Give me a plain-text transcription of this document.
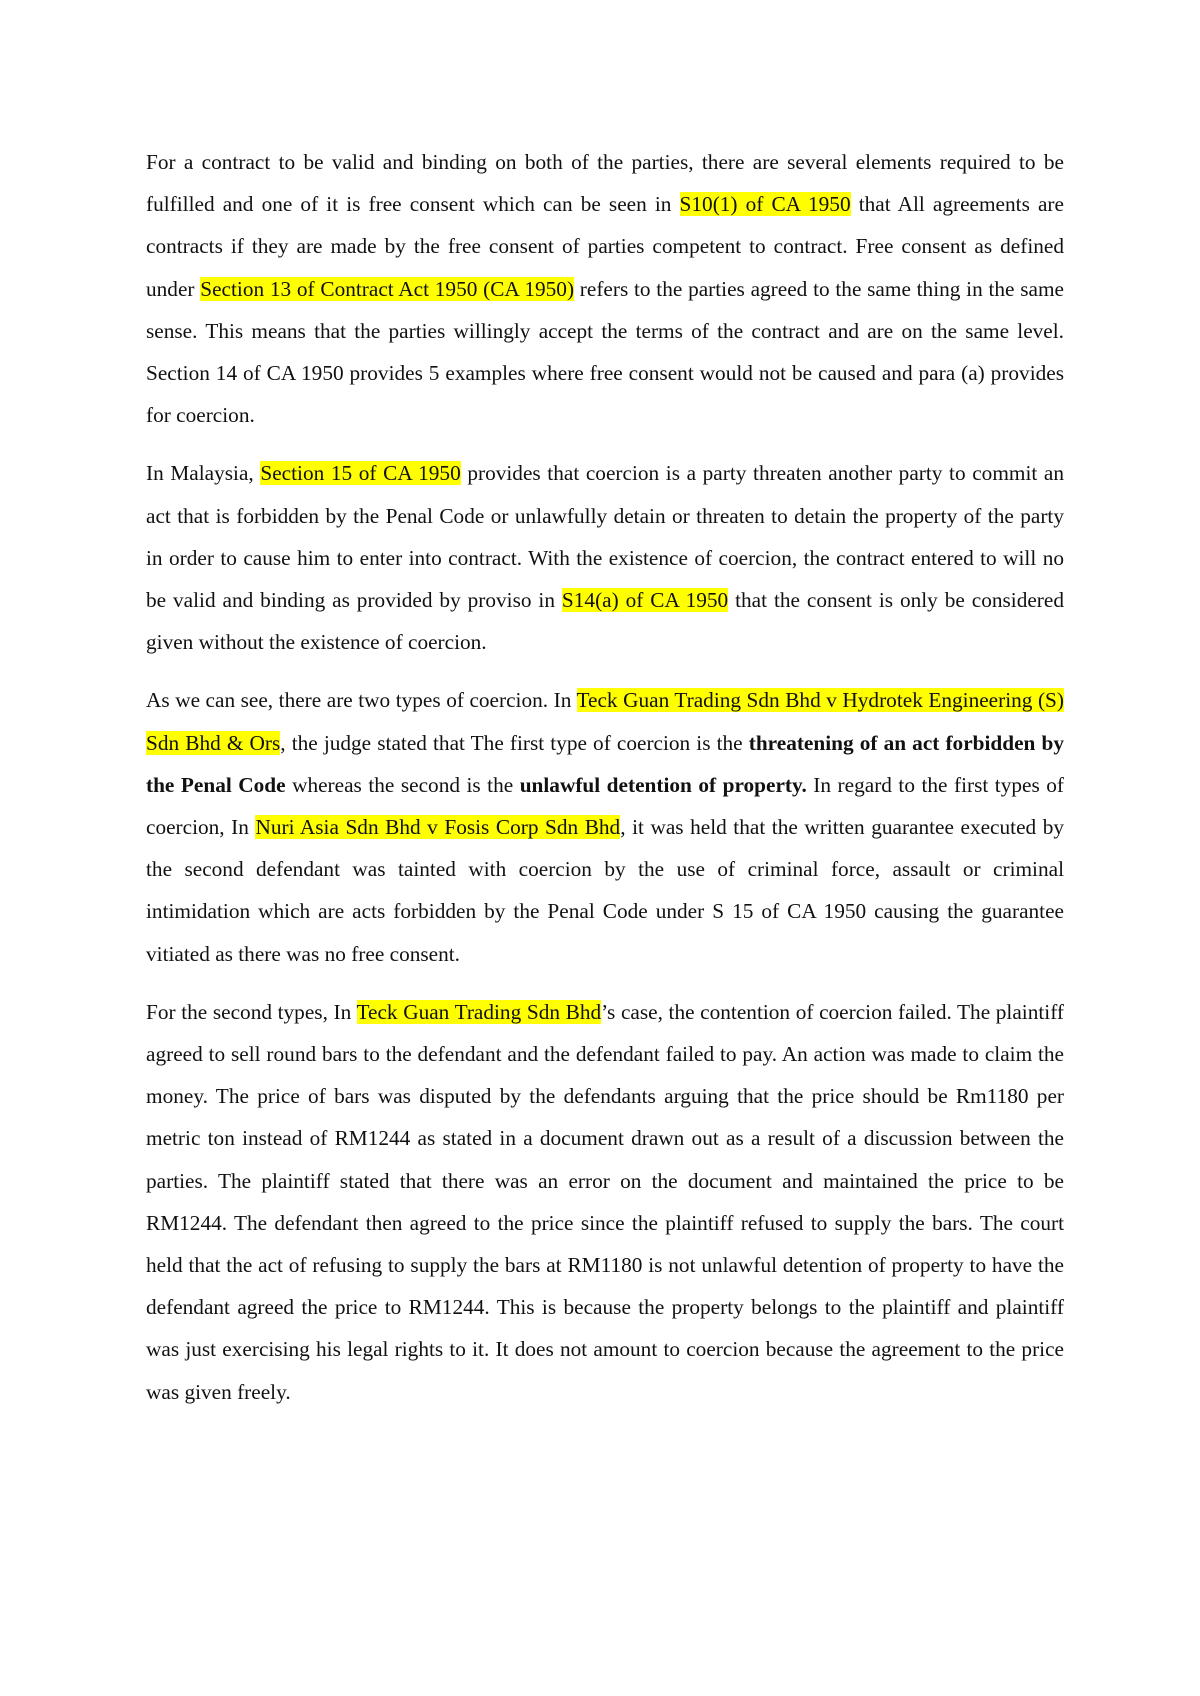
For a contract to be valid and binding on both of the parties, there are several elements required to be fulfilled and one of it is free consent which can be seen in S10(1) of CA 1950 that All agreements are contracts if they are made by the free consent of parties competent to contract. Free consent as defined under Section 13 of Contract Act 1950 (CA 1950) refers to the parties agreed to the same thing in the same sense. This means that the parties willingly accept the terms of the contract and are on the same level. Section 14 of CA 1950 provides 5 examples where free consent would not be caused and para (a) provides for coercion.

In Malaysia, Section 15 of CA 1950 provides that coercion is a party threaten another party to commit an act that is forbidden by the Penal Code or unlawfully detain or threaten to detain the property of the party in order to cause him to enter into contract. With the existence of coercion, the contract entered to will no be valid and binding as provided by proviso in S14(a) of CA 1950 that the consent is only be considered given without the existence of coercion.

As we can see, there are two types of coercion. In Teck Guan Trading Sdn Bhd v Hydrotek Engineering (S) Sdn Bhd & Ors, the judge stated that The first type of coercion is the threatening of an act forbidden by the Penal Code whereas the second is the unlawful detention of property. In regard to the first types of coercion, In Nuri Asia Sdn Bhd v Fosis Corp Sdn Bhd, it was held that the written guarantee executed by the second defendant was tainted with coercion by the use of criminal force, assault or criminal intimidation which are acts forbidden by the Penal Code under S 15 of CA 1950 causing the guarantee vitiated as there was no free consent.

For the second types, In Teck Guan Trading Sdn Bhd’s case, the contention of coercion failed. The plaintiff agreed to sell round bars to the defendant and the defendant failed to pay. An action was made to claim the money. The price of bars was disputed by the defendants arguing that the price should be Rm1180 per metric ton instead of RM1244 as stated in a document drawn out as a result of a discussion between the parties. The plaintiff stated that there was an error on the document and maintained the price to be RM1244. The defendant then agreed to the price since the plaintiff refused to supply the bars. The court held that the act of refusing to supply the bars at RM1180 is not unlawful detention of property to have the defendant agreed the price to RM1244. This is because the property belongs to the plaintiff and plaintiff was just exercising his legal rights to it. It does not amount to coercion because the agreement to the price was given freely.
